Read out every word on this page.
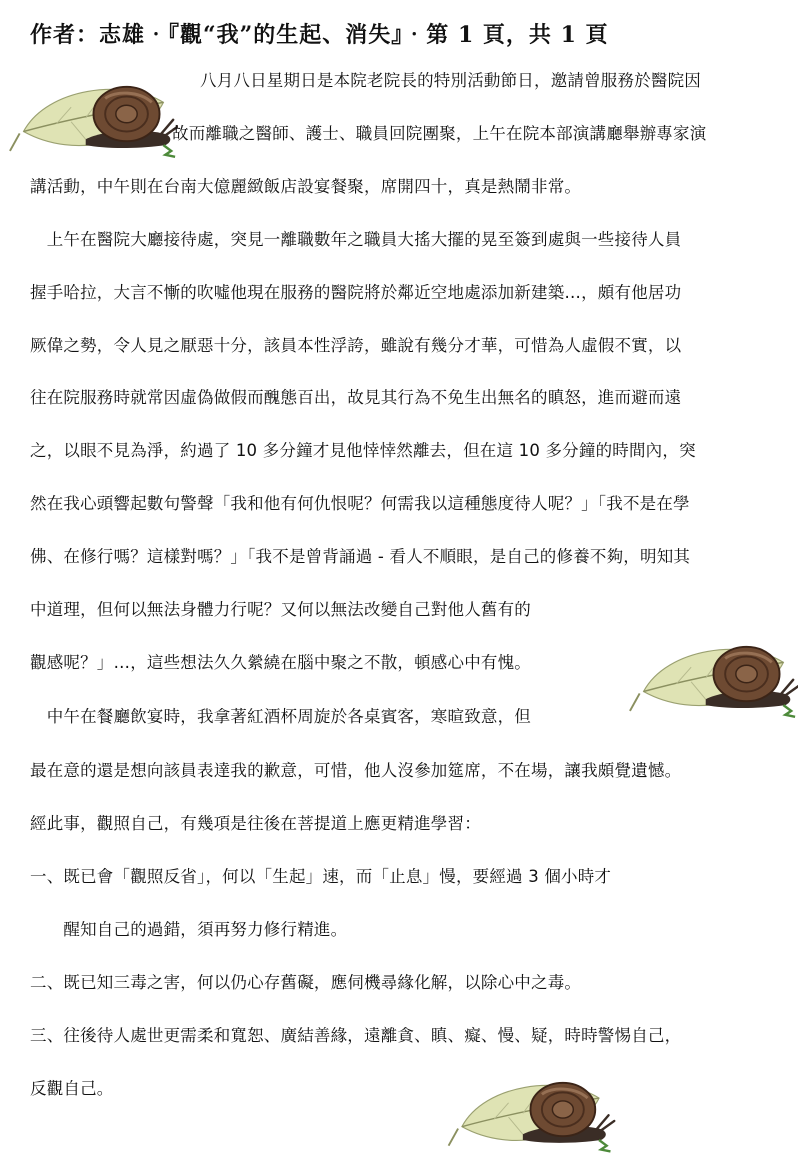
作者：志雄‧『觀“我”的生起、消失』‧第 1 頁，共 1 頁
八月八日星期日是本院老院長的特別活動節日，邀請曾服務於醫院因
故而離職之醫師、護士、職員回院團聚，上午在院本部演講廳舉辦專家演
講活動，中午則在台南大億麗緻飯店設宴餐聚，席開四十，真是熱鬧非常。
　上午在醫院大廳接待處，突見一離職數年之職員大搖大擺的晃至簽到處與一些接待人員
握手哈拉，大言不慚的吹噓他現在服務的醫院將於鄰近空地處添加新建築…，頗有他居功
厥偉之勢，令人見之厭惡十分，該員本性浮誇，雖說有幾分才華，可惜為人虛假不實，以
往在院服務時就常因虛偽做假而醜態百出，故見其行為不免生出無名的瞋怒，進而避而遠
之，以眼不見為淨，約過了 10 多分鐘才見他悻悻然離去，但在這 10 多分鐘的時間內，突
然在我心頭響起數句警聲「我和他有何仇恨呢？何需我以這種態度待人呢？」「我不是在學
佛、在修行嗎？這樣對嗎？」「我不是曾背誦過 - 看人不順眼，是自己的修養不夠，明知其
中道理，但何以無法身體力行呢？又何以無法改變自己對他人舊有的
觀感呢？」…，這些想法久久縈繞在腦中聚之不散，頓感心中有愧。
　中午在餐廳飲宴時，我拿著紅酒杯周旋於各桌賓客，寒暄致意，但
最在意的還是想向該員表達我的歉意，可惜，他人沒參加筵席，不在場，讓我頗覺遺憾。
經此事，觀照自己，有幾項是往後在菩提道上應更精進學習：
一、既已會「觀照反省」，何以「生起」速，而「止息」慢，要經過 3 個小時才
　　醒知自己的過錯，須再努力修行精進。
二、既已知三毒之害，何以仍心存舊礙，應伺機尋緣化解，以除心中之毒。
三、往後待人處世更需柔和寬恕、廣結善緣，遠離貪、瞋、癡、慢、疑，時時警惕自己，
反觀自己。
